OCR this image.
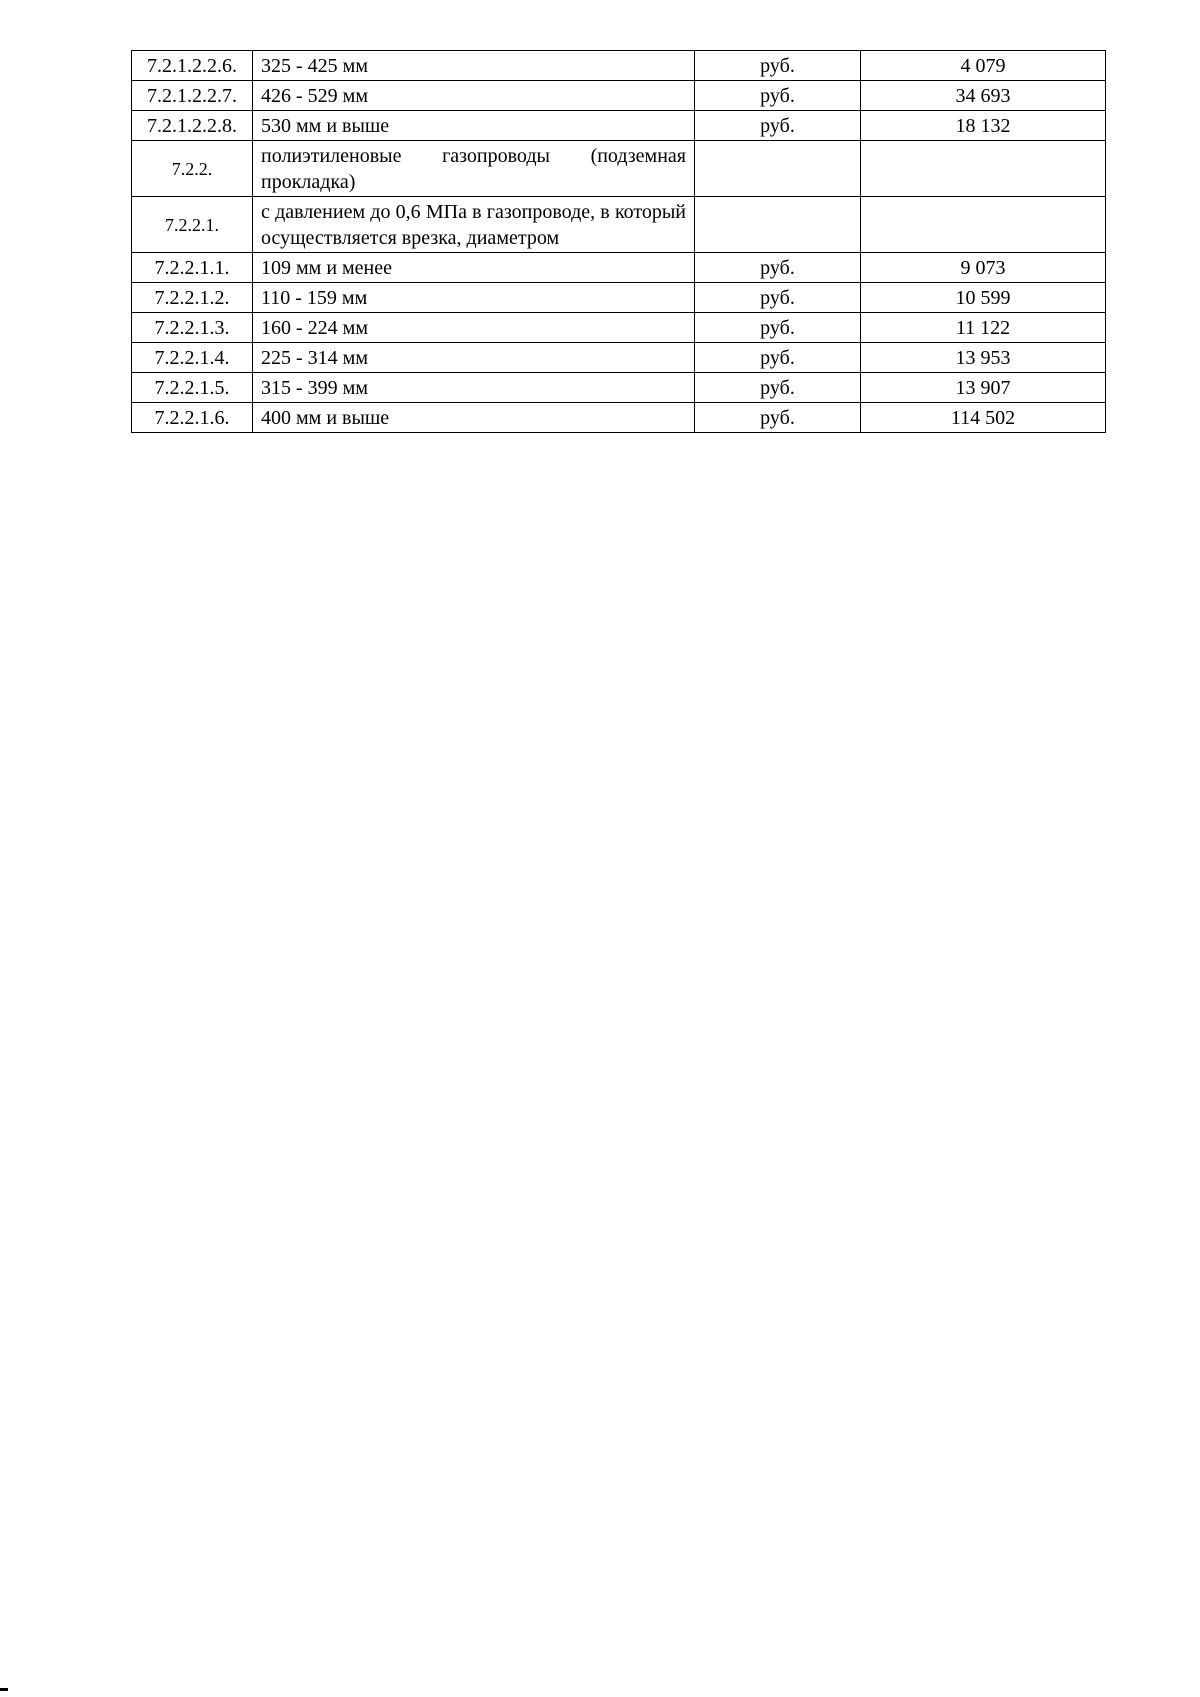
7.2.1.2.2.6.	325 - 425 мм	руб.	4 079
7.2.1.2.2.7.	426 - 529 мм	руб.	34 693
7.2.1.2.2.8.	530 мм и выше	руб.	18 132
7.2.2.	полиэтиленовые газопроводы (подземная прокладка)		
7.2.2.1.	с давлением до 0,6 МПа в газопроводе, в который осуществляется врезка, диаметром		
7.2.2.1.1.	109 мм и менее	руб.	9 073
7.2.2.1.2.	110 - 159 мм	руб.	10 599
7.2.2.1.3.	160 - 224 мм	руб.	11 122
7.2.2.1.4.	225 - 314 мм	руб.	13 953
7.2.2.1.5.	315 - 399 мм	руб.	13 907
7.2.2.1.6.	400 мм и выше	руб.	114 502
